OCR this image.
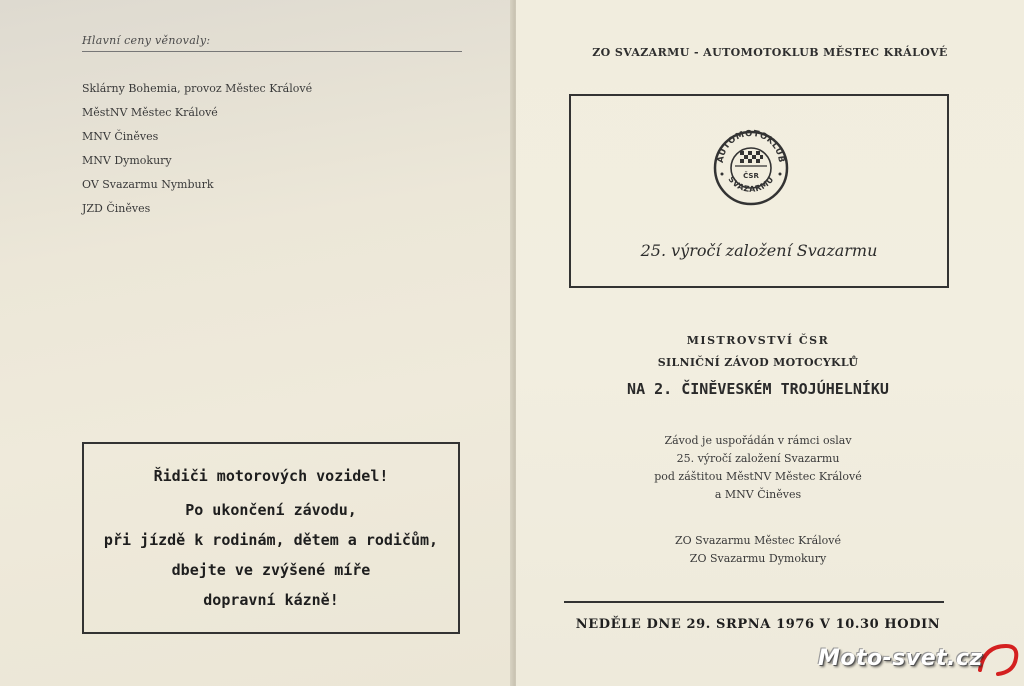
Hlavní ceny věnovaly:
Sklárny Bohemia, provoz Městec Králové
MěstNV Městec Králové
MNV Činěves
MNV Dymokury
OV Svazarmu Nymburk
JZD Činěves
Řidiči motorových vozidel!
Po ukončení závodu,
při jízdě k rodinám, dětem a rodičům,
dbejte ve zvýšené míře
dopravní kázně!
ZO SVAZARMU - AUTOMOTOKLUB MĚSTEC KRÁLOVÉ
AUTOMOTOKLUB
ČSR
SVAZARMU
25. výročí založení Svazarmu
MISTROVSTVÍ ČSR
SILNIČNÍ ZÁVOD MOTOCYKLŮ
NA 2. ČINĚVESKÉM TROJÚHELNÍKU
Závod je uspořádán v rámci oslav
25. výročí založení Svazarmu
pod záštitou MěstNV Městec Králové
a MNV Činěves
ZO Svazarmu Městec Králové
ZO Svazarmu Dymokury
NEDĚLE DNE 29. SRPNA 1976 V 10.30 HODIN
Moto-svet.cz
